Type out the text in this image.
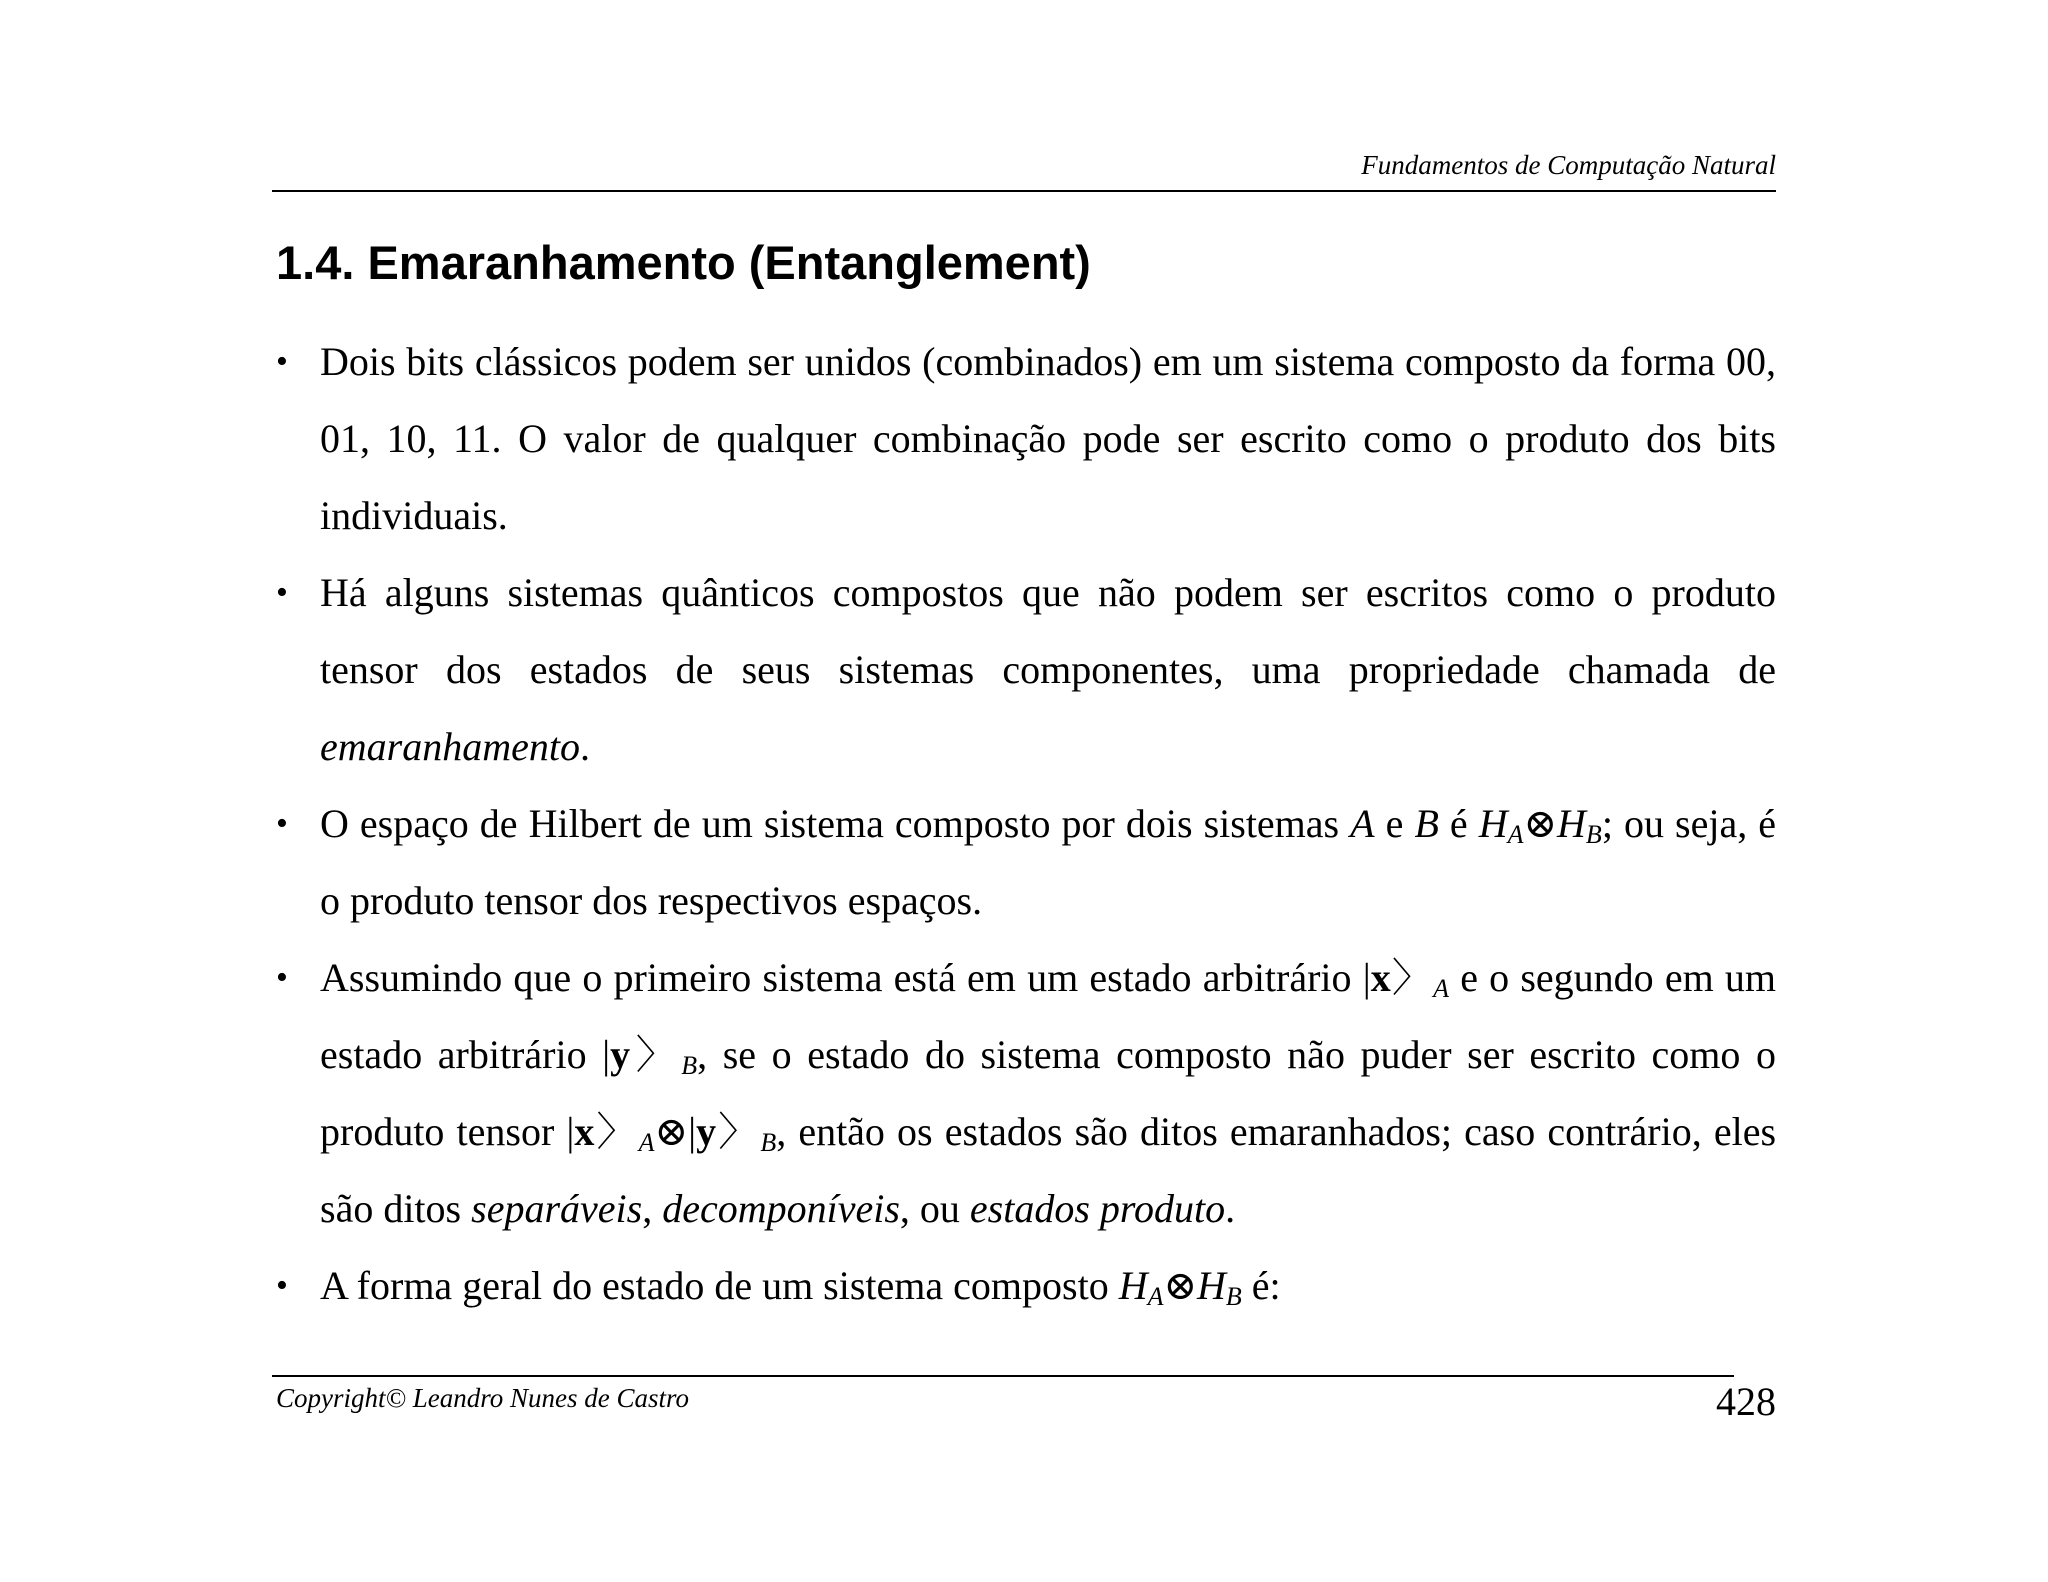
Fundamentos de Computação Natural
1.4. Emaranhamento (Entanglement)
• Dois bits clássicos podem ser unidos (combinados) em um sistema composto da forma 00, 01, 10, 11. O valor de qualquer combinação pode ser escrito como o produto dos bits individuais.
• Há alguns sistemas quânticos compostos que não podem ser escritos como o produto tensor dos estados de seus sistemas componentes, uma propriedade chamada de emaranhamento.
• O espaço de Hilbert de um sistema composto por dois sistemas A e B é $H_A\otimes H_B$; ou seja, é o produto tensor dos respectivos espaços.
• Assumindo que o primeiro sistema está em um estado arbitrário |x〉$_A$ e o segundo em um estado arbitrário |y〉$_B$, se o estado do sistema composto não puder ser escrito como o produto tensor |x〉$_A$⊗|y〉$_B$, então os estados são ditos emaranhados; caso contrário, eles são ditos separáveis, decomponíveis, ou estados produto.
• A forma geral do estado de um sistema composto $H_A\otimes H_B$ é:
Copyright© Leandro Nunes de Castro	428
